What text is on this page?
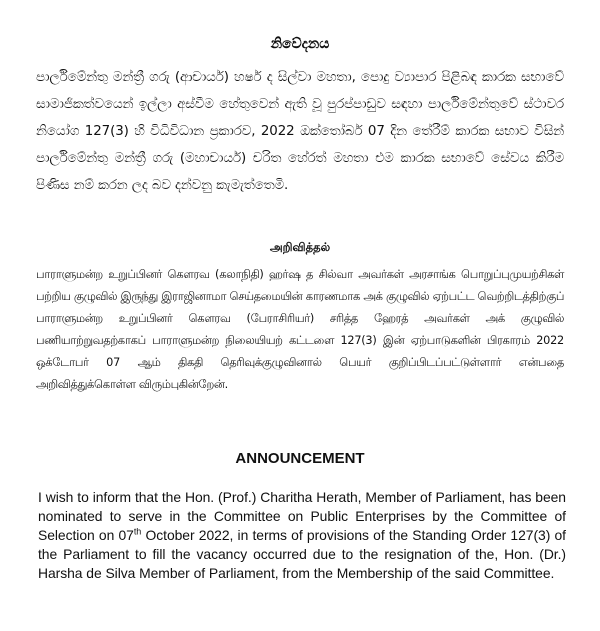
නිවේදනය

පාර්ලිමේන්තු මන්ත්‍රී ගරු (ආචාර්ය) හර්ෂ ද සිල්වා මහතා, පොදු ව්‍යාපාර පිළිබඳ කාරක සභාවේ සාමාජිකත්වයෙන් ඉල්ලා අස්වීම හේතුවෙන් ඇති වූ පුරප්පාඩුව සඳහා පාර්ලිමේන්තුවේ ස්ථාවර නියෝග 127(3) හි විධිවිධාන ප්‍රකාරව, 2022 ඔක්තෝබර් 07 දින තේරීම් කාරක සභාව විසින් පාර්ලිමේන්තු මන්ත්‍රී ගරු (මහාචාර්ය) චරිත හේරත් මහතා එම කාරක සභාවේ සේවය කිරීම පිණිස නම් කරන ලද බව දන්වනු කැමැත්තෙමි.

அறிவித்தல்

பாராளுமன்ற உறுப்பினர் கௌரவ (கலாநிதி) ஹர்ஷ த சில்வா அவர்கள் அரசாங்க பொறுப்புமுயற்சிகள் பற்றிய குழுவில் இருந்து இராஜினாமா செய்தமையின் காரணமாக அக் குழுவில் ஏற்பட்ட வெற்றிடத்திற்குப் பாராளுமன்ற உறுப்பினர் கௌரவ (பேராசிரியர்) சரித்த ஹேரத் அவர்கள் அக் குழுவில் பணியாற்றுவதற்காகப் பாராளுமன்ற நிலையியற் கட்டளை 127(3) இன் ஏற்பாடுகளின் பிரகாரம் 2022 ஒக்டோபர் 07 ஆம் திகதி தெரிவுக்குழுவினால் பெயர் குறிப்பிடப்பட்டுள்ளார் என்பதை அறிவித்துக்கொள்ள விரும்புகின்றேன்.

ANNOUNCEMENT

I wish to inform that the Hon. (Prof.) Charitha Herath, Member of Parliament, has been nominated to serve in the Committee on Public Enterprises by the Committee of Selection on 07th October 2022, in terms of provisions of the Standing Order 127(3) of the Parliament to fill the vacancy occurred due to the resignation of the, Hon. (Dr.) Harsha de Silva Member of Parliament, from the Membership of the said Committee.
